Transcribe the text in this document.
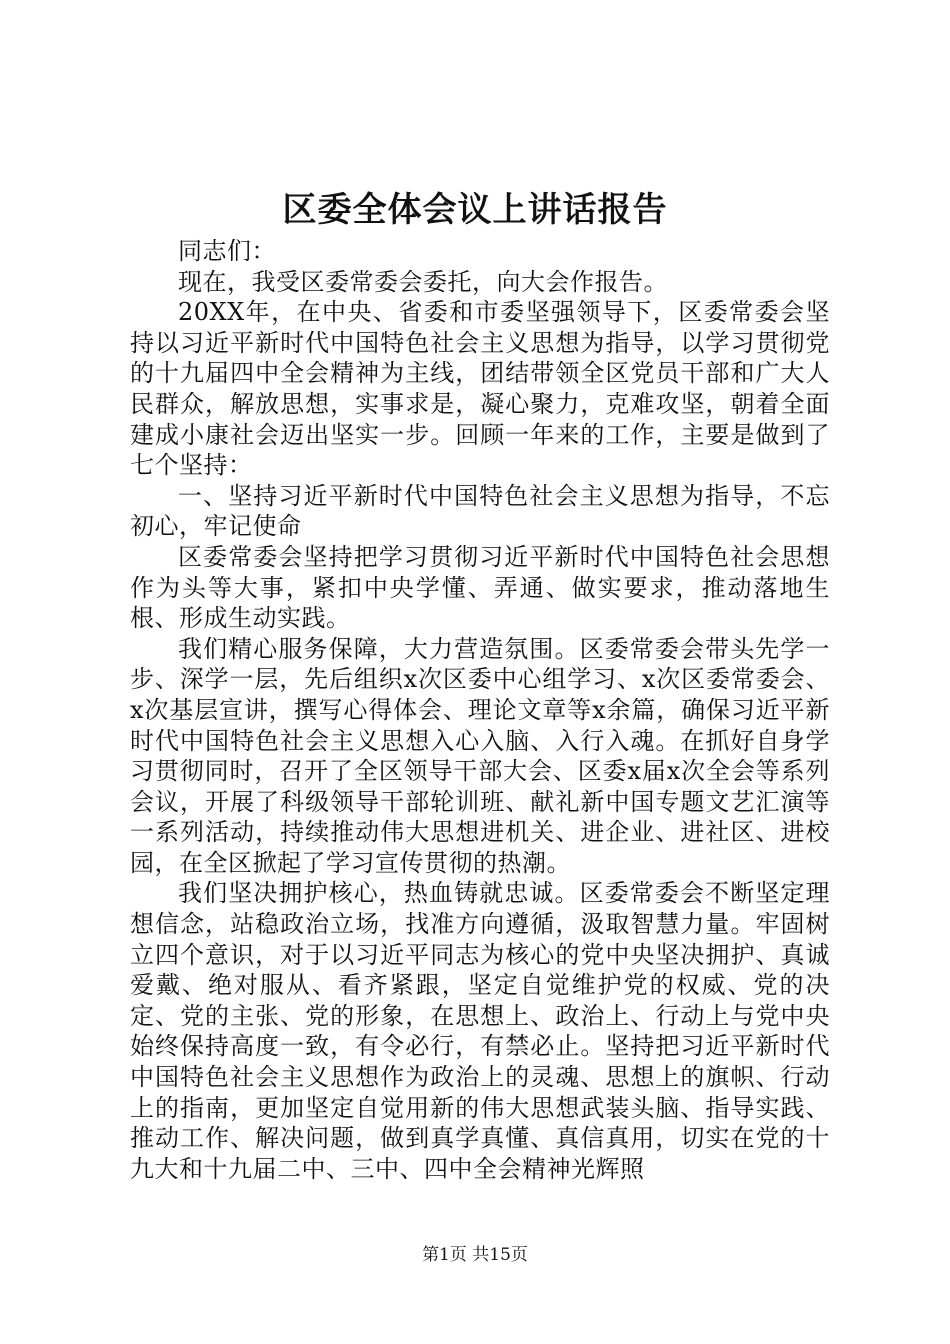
区委全体会议上讲话报告

同志们：

现在，我受区委常委会委托，向大会作报告。

20XX年，在中央、省委和市委坚强领导下，区委常委会坚持以习近平新时代中国特色社会主义思想为指导，以学习贯彻党的十九届四中全会精神为主线，团结带领全区党员干部和广大人民群众，解放思想，实事求是，凝心聚力，克难攻坚，朝着全面建成小康社会迈出坚实一步。回顾一年来的工作，主要是做到了七个坚持：

一、坚持习近平新时代中国特色社会主义思想为指导，不忘初心，牢记使命

区委常委会坚持把学习贯彻习近平新时代中国特色社会思想作为头等大事，紧扣中央学懂、弄通、做实要求，推动落地生根、形成生动实践。

我们精心服务保障，大力营造氛围。区委常委会带头先学一步、深学一层，先后组织x次区委中心组学习、x次区委常委会、x次基层宣讲，撰写心得体会、理论文章等x余篇，确保习近平新时代中国特色社会主义思想入心入脑、入行入魂。在抓好自身学习贯彻同时，召开了全区领导干部大会、区委x届x次全会等系列会议，开展了科级领导干部轮训班、献礼新中国专题文艺汇演等一系列活动，持续推动伟大思想进机关、进企业、进社区、进校园，在全区掀起了学习宣传贯彻的热潮。

我们坚决拥护核心，热血铸就忠诚。区委常委会不断坚定理想信念，站稳政治立场，找准方向遵循，汲取智慧力量。牢固树立四个意识，对于以习近平同志为核心的党中央坚决拥护、真诚爱戴、绝对服从、看齐紧跟，坚定自觉维护党的权威、党的决定、党的主张、党的形象，在思想上、政治上、行动上与党中央始终保持高度一致，有令必行，有禁必止。坚持把习近平新时代中国特色社会主义思想作为政治上的灵魂、思想上的旗帜、行动上的指南，更加坚定自觉用新的伟大思想武装头脑、指导实践、推动工作、解决问题，做到真学真懂、真信真用，切实在党的十九大和十九届二中、三中、四中全会精神光辉照

第1页 共15页
